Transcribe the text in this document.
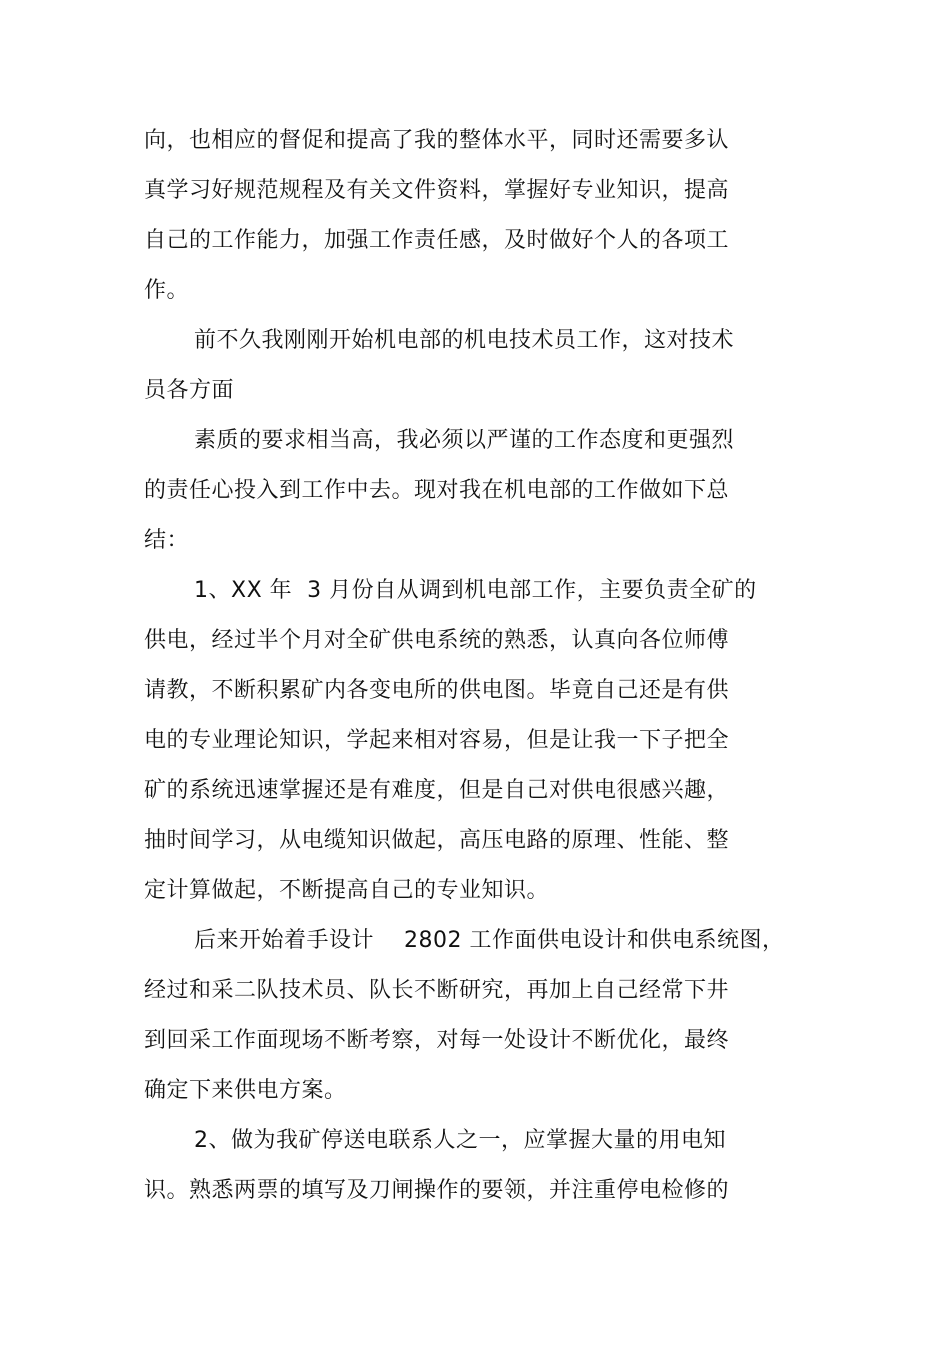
向，也相应的督促和提高了我的整体水平，同时还需要多认
真学习好规范规程及有关文件资料，掌握好专业知识，提高
自己的工作能力，加强工作责任感，及时做好个人的各项工
作。
前不久我刚刚开始机电部的机电技术员工作，这对技术
员各方面
素质的要求相当高，我必须以严谨的工作态度和更强烈
的责任心投入到工作中去。现对我在机电部的工作做如下总
结：
1、XX 年  3 月份自从调到机电部工作，主要负责全矿的
供电，经过半个月对全矿供电系统的熟悉，认真向各位师傅
请教，不断积累矿内各变电所的供电图。毕竟自己还是有供
电的专业理论知识，学起来相对容易，但是让我一下子把全
矿的系统迅速掌握还是有难度，但是自己对供电很感兴趣，
抽时间学习，从电缆知识做起，高压电路的原理、性能、整
定计算做起，不断提高自己的专业知识。
后来开始着手设计    2802 工作面供电设计和供电系统图，
经过和采二队技术员、队长不断研究，再加上自己经常下井
到回采工作面现场不断考察，对每一处设计不断优化，最终
确定下来供电方案。
2、做为我矿停送电联系人之一，应掌握大量的用电知
识。熟悉两票的填写及刀闸操作的要领，并注重停电检修的
